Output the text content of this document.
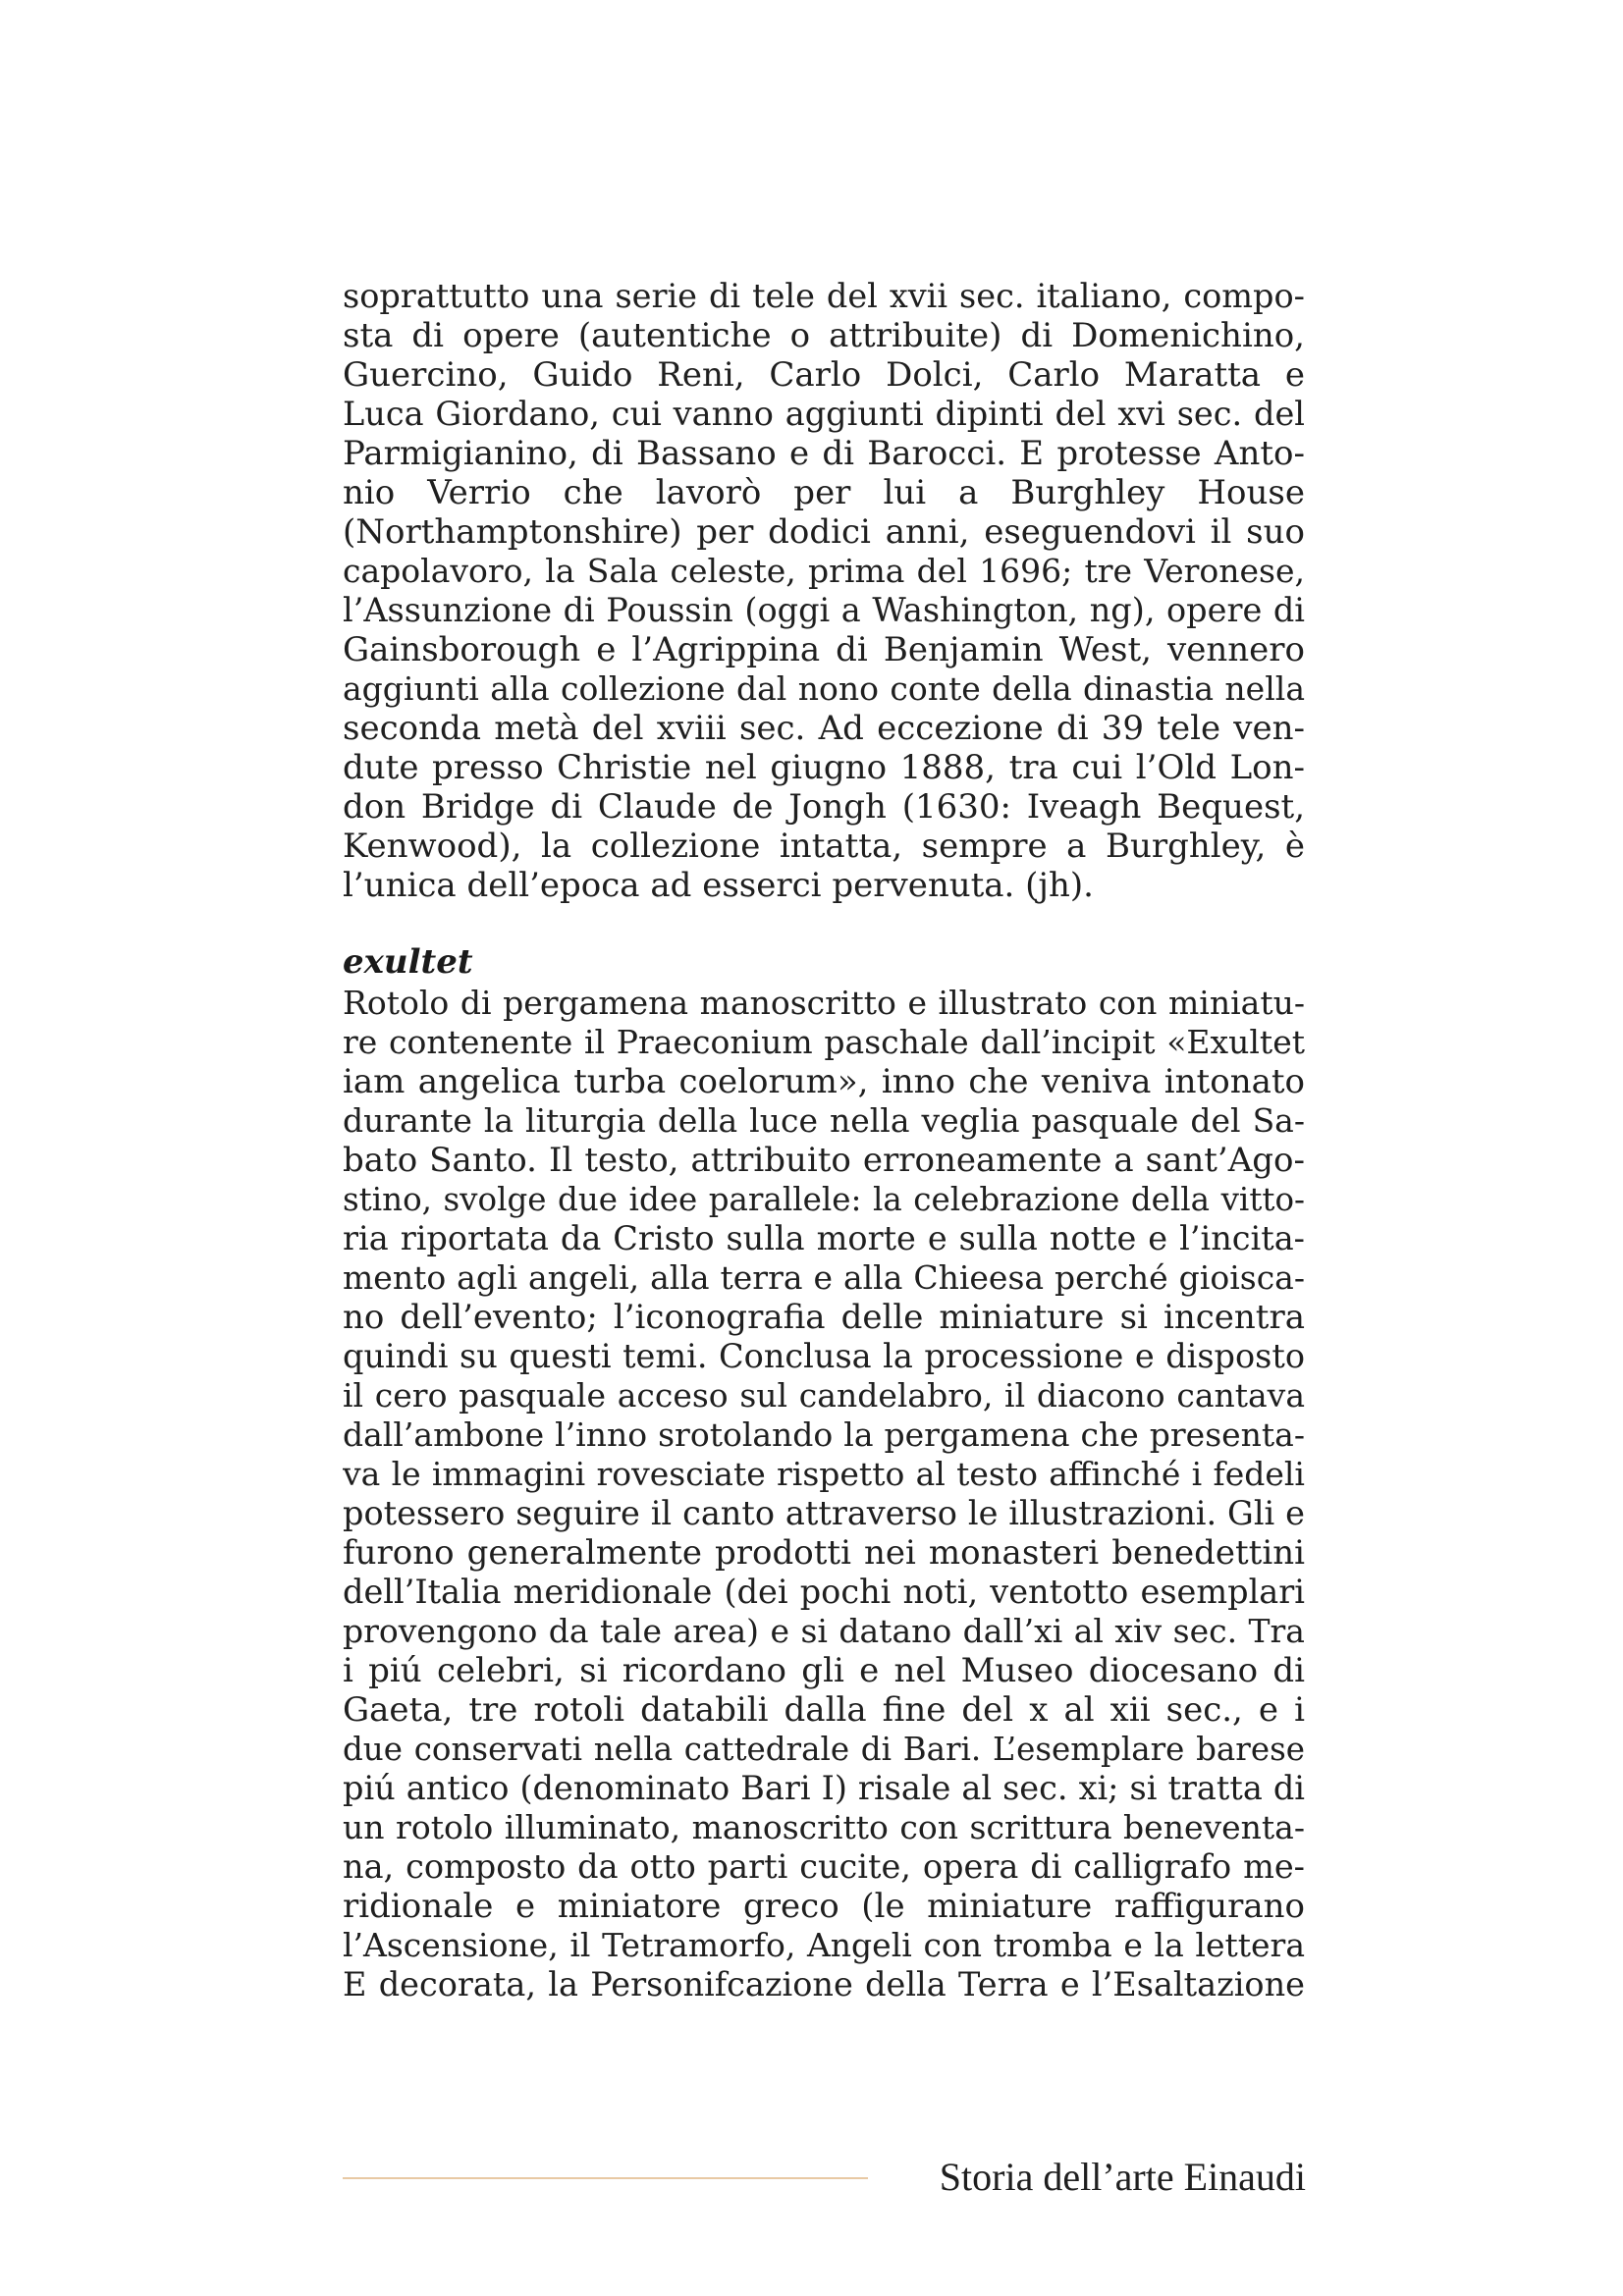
soprattutto una serie di tele del xvii sec. italiano, compo-
sta di opere (autentiche o attribuite) di Domenichino,
Guercino, Guido Reni, Carlo Dolci, Carlo Maratta e
Luca Giordano, cui vanno aggiunti dipinti del xvi sec. del
Parmigianino, di Bassano e di Barocci. E protesse Anto-
nio Verrio che lavorò per lui a Burghley House
(Northamptonshire) per dodici anni, eseguendovi il suo
capolavoro, la Sala celeste, prima del 1696; tre Veronese,
l’Assunzione di Poussin (oggi a Washington, ng), opere di
Gainsborough e l’Agrippina di Benjamin West, vennero
aggiunti alla collezione dal nono conte della dinastia nella
seconda metà del xviii sec. Ad eccezione di 39 tele ven-
dute presso Christie nel giugno 1888, tra cui l’Old Lon-
don Bridge di Claude de Jongh (1630: Iveagh Bequest,
Kenwood), la collezione intatta, sempre a Burghley, è
l’unica dell’epoca ad esserci pervenuta. (jh).
exultet
Rotolo di pergamena manoscritto e illustrato con miniatu-
re contenente il Praeconium paschale dall’incipit «Exultet
iam angelica turba coelorum», inno che veniva intonato
durante la liturgia della luce nella veglia pasquale del Sa-
bato Santo. Il testo, attribuito erroneamente a sant’Ago-
stino, svolge due idee parallele: la celebrazione della vitto-
ria riportata da Cristo sulla morte e sulla notte e l’incita-
mento agli angeli, alla terra e alla Chieesa perché gioisca-
no dell’evento; l’iconografia delle miniature si incentra
quindi su questi temi. Conclusa la processione e disposto
il cero pasquale acceso sul candelabro, il diacono cantava
dall’ambone l’inno srotolando la pergamena che presenta-
va le immagini rovesciate rispetto al testo affinché i fedeli
potessero seguire il canto attraverso le illustrazioni. Gli e
furono generalmente prodotti nei monasteri benedettini
dell’Italia meridionale (dei pochi noti, ventotto esemplari
provengono da tale area) e si datano dall’xi al xiv sec. Tra
i piú celebri, si ricordano gli e nel Museo diocesano di
Gaeta, tre rotoli databili dalla fine del x al xii sec., e i
due conservati nella cattedrale di Bari. L’esemplare barese
piú antico (denominato Bari I) risale al sec. xi; si tratta di
un rotolo illuminato, manoscritto con scrittura beneventa-
na, composto da otto parti cucite, opera di calligrafo me-
ridionale e miniatore greco (le miniature raffigurano
l’Ascensione, il Tetramorfo, Angeli con tromba e la lettera
E decorata, la Personifcazione della Terra e l’Esaltazione
Storia dell’arte Einaudi
